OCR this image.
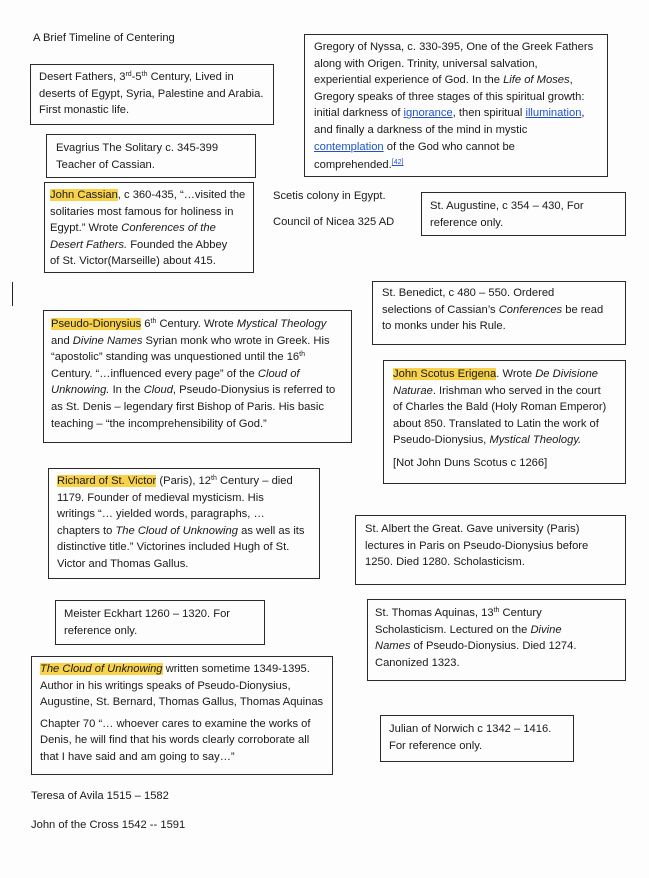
A Brief Timeline of Centering
Gregory of Nyssa, c. 330-395, One of the Greek Fathers
along with Origen. Trinity, universal salvation,
experiential experience of God. In the Life of Moses,
Gregory speaks of three stages of this spiritual growth:
initial darkness of ignorance, then spiritual illumination,
and finally a darkness of the mind in mystic
contemplation of the God who cannot be
comprehended.[42]
Desert Fathers, 3rd-5th Century, Lived in
deserts of Egypt, Syria, Palestine and Arabia.
First monastic life.
Evagrius The Solitary c. 345-399
Teacher of Cassian.
John Cassian, c 360-435, “…visited the
solitaries most famous for holiness in
Egypt.” Wrote Conferences of the
Desert Fathers. Founded the Abbey
of St. Victor(Marseille) about 415.
Scetis colony in Egypt.
Council of Nicea 325 AD
St. Augustine, c 354 – 430, For
reference only.
St. Benedict, c 480 – 550. Ordered
selections of Cassian’s Conferences be read
to monks under his Rule.
Pseudo-Dionysius 6th Century. Wrote Mystical Theology
and Divine Names Syrian monk who wrote in Greek. His
“apostolic” standing was unquestioned until the 16th
Century. “…influenced every page” of the Cloud of
Unknowing. In the Cloud, Pseudo-Dionysius is referred to
as St. Denis – legendary first Bishop of Paris. His basic
teaching – “the incomprehensibility of God.”
John Scotus Erigena. Wrote De Divisione
Naturae. Irishman who served in the court
of Charles the Bald (Holy Roman Emperor)
about 850. Translated to Latin the work of
Pseudo-Dionysius, Mystical Theology.
[Not John Duns Scotus c 1266]
Richard of St. Victor (Paris), 12th Century – died
1179. Founder of medieval mysticism. His
writings “… yielded words, paragraphs, …
chapters to The Cloud of Unknowing as well as its
distinctive title.” Victorines included Hugh of St.
Victor and Thomas Gallus.
St. Albert the Great. Gave university (Paris)
lectures in Paris on Pseudo-Dionysius before
1250. Died 1280. Scholasticism.
Meister Eckhart 1260 – 1320. For
reference only.
St. Thomas Aquinas, 13th Century
Scholasticism. Lectured on the Divine
Names of Pseudo-Dionysius. Died 1274.
Canonized 1323.
The Cloud of Unknowing written sometime 1349-1395.
Author in his writings speaks of Pseudo-Dionysius,
Augustine, St. Bernard, Thomas Gallus, Thomas Aquinas
Chapter 70 “… whoever cares to examine the works of
Denis, he will find that his words clearly corroborate all
that I have said and am going to say…”
Julian of Norwich c 1342 – 1416.
For reference only.
Teresa of Avila 1515 – 1582
John of the Cross 1542 -- 1591
